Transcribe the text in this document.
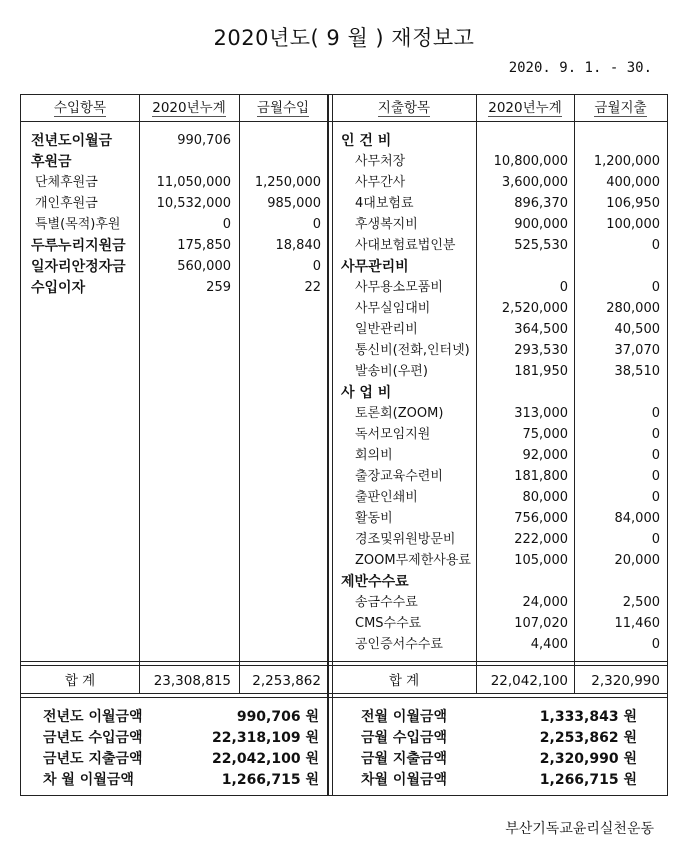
2020년도( 9 월 ) 재정보고
2020. 9. 1. - 30.
수입항목	2020년누계	금월수입	지출항목	2020년누계	금월지출
전년도이월금	990,706
후원금
단체후원금	11,050,000	1,250,000
개인후원금	10,532,000	985,000
특별(목적)후원	0	0
두루누리지원금	175,850	18,840
일자리안정자금	560,000	0
수입이자	259	22
인 건 비
사무처장	10,800,000	1,200,000
사무간사	3,600,000	400,000
4대보험료	896,370	106,950
후생복지비	900,000	100,000
사대보험료법인분	525,530	0
사무관리비
사무용소모품비	0	0
사무실임대비	2,520,000	280,000
일반관리비	364,500	40,500
통신비(전화,인터넷)	293,530	37,070
발송비(우편)	181,950	38,510
사 업 비
토론회(ZOOM)	313,000	0
독서모임지원	75,000	0
회의비	92,000	0
출장교육수련비	181,800	0
출판인쇄비	80,000	0
활동비	756,000	84,000
경조및위원방문비	222,000	0
ZOOM무제한사용료	105,000	20,000
제반수수료
송금수수료	24,000	2,500
CMS수수료	107,020	11,460
공인증서수수료	4,400	0
합 계	23,308,815	2,253,862	합 계	22,042,100	2,320,990
전년도 이월금액	990,706 원
금년도 수입금액	22,318,109 원
금년도 지출금액	22,042,100 원
차 월 이월금액	1,266,715 원
전월 이월금액	1,333,843 원
금월 수입금액	2,253,862 원
금월 지출금액	2,320,990 원
차월 이월금액	1,266,715 원
부산기독교윤리실천운동
